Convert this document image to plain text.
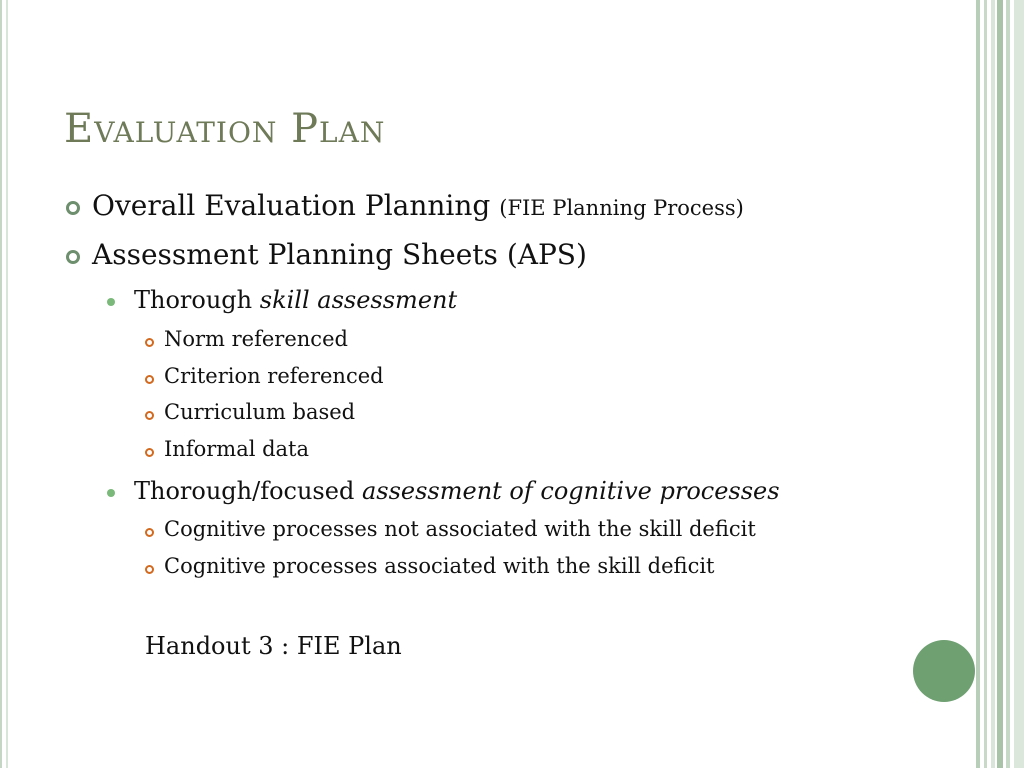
Evaluation Plan
Overall Evaluation Planning (FIE Planning Process)
Assessment Planning Sheets (APS)
Thorough skill assessment
Norm referenced
Criterion referenced
Curriculum based
Informal data
Thorough/focused assessment of cognitive processes
Cognitive processes not associated with the skill deficit
Cognitive processes associated with the skill deficit
Handout 3 : FIE Plan
